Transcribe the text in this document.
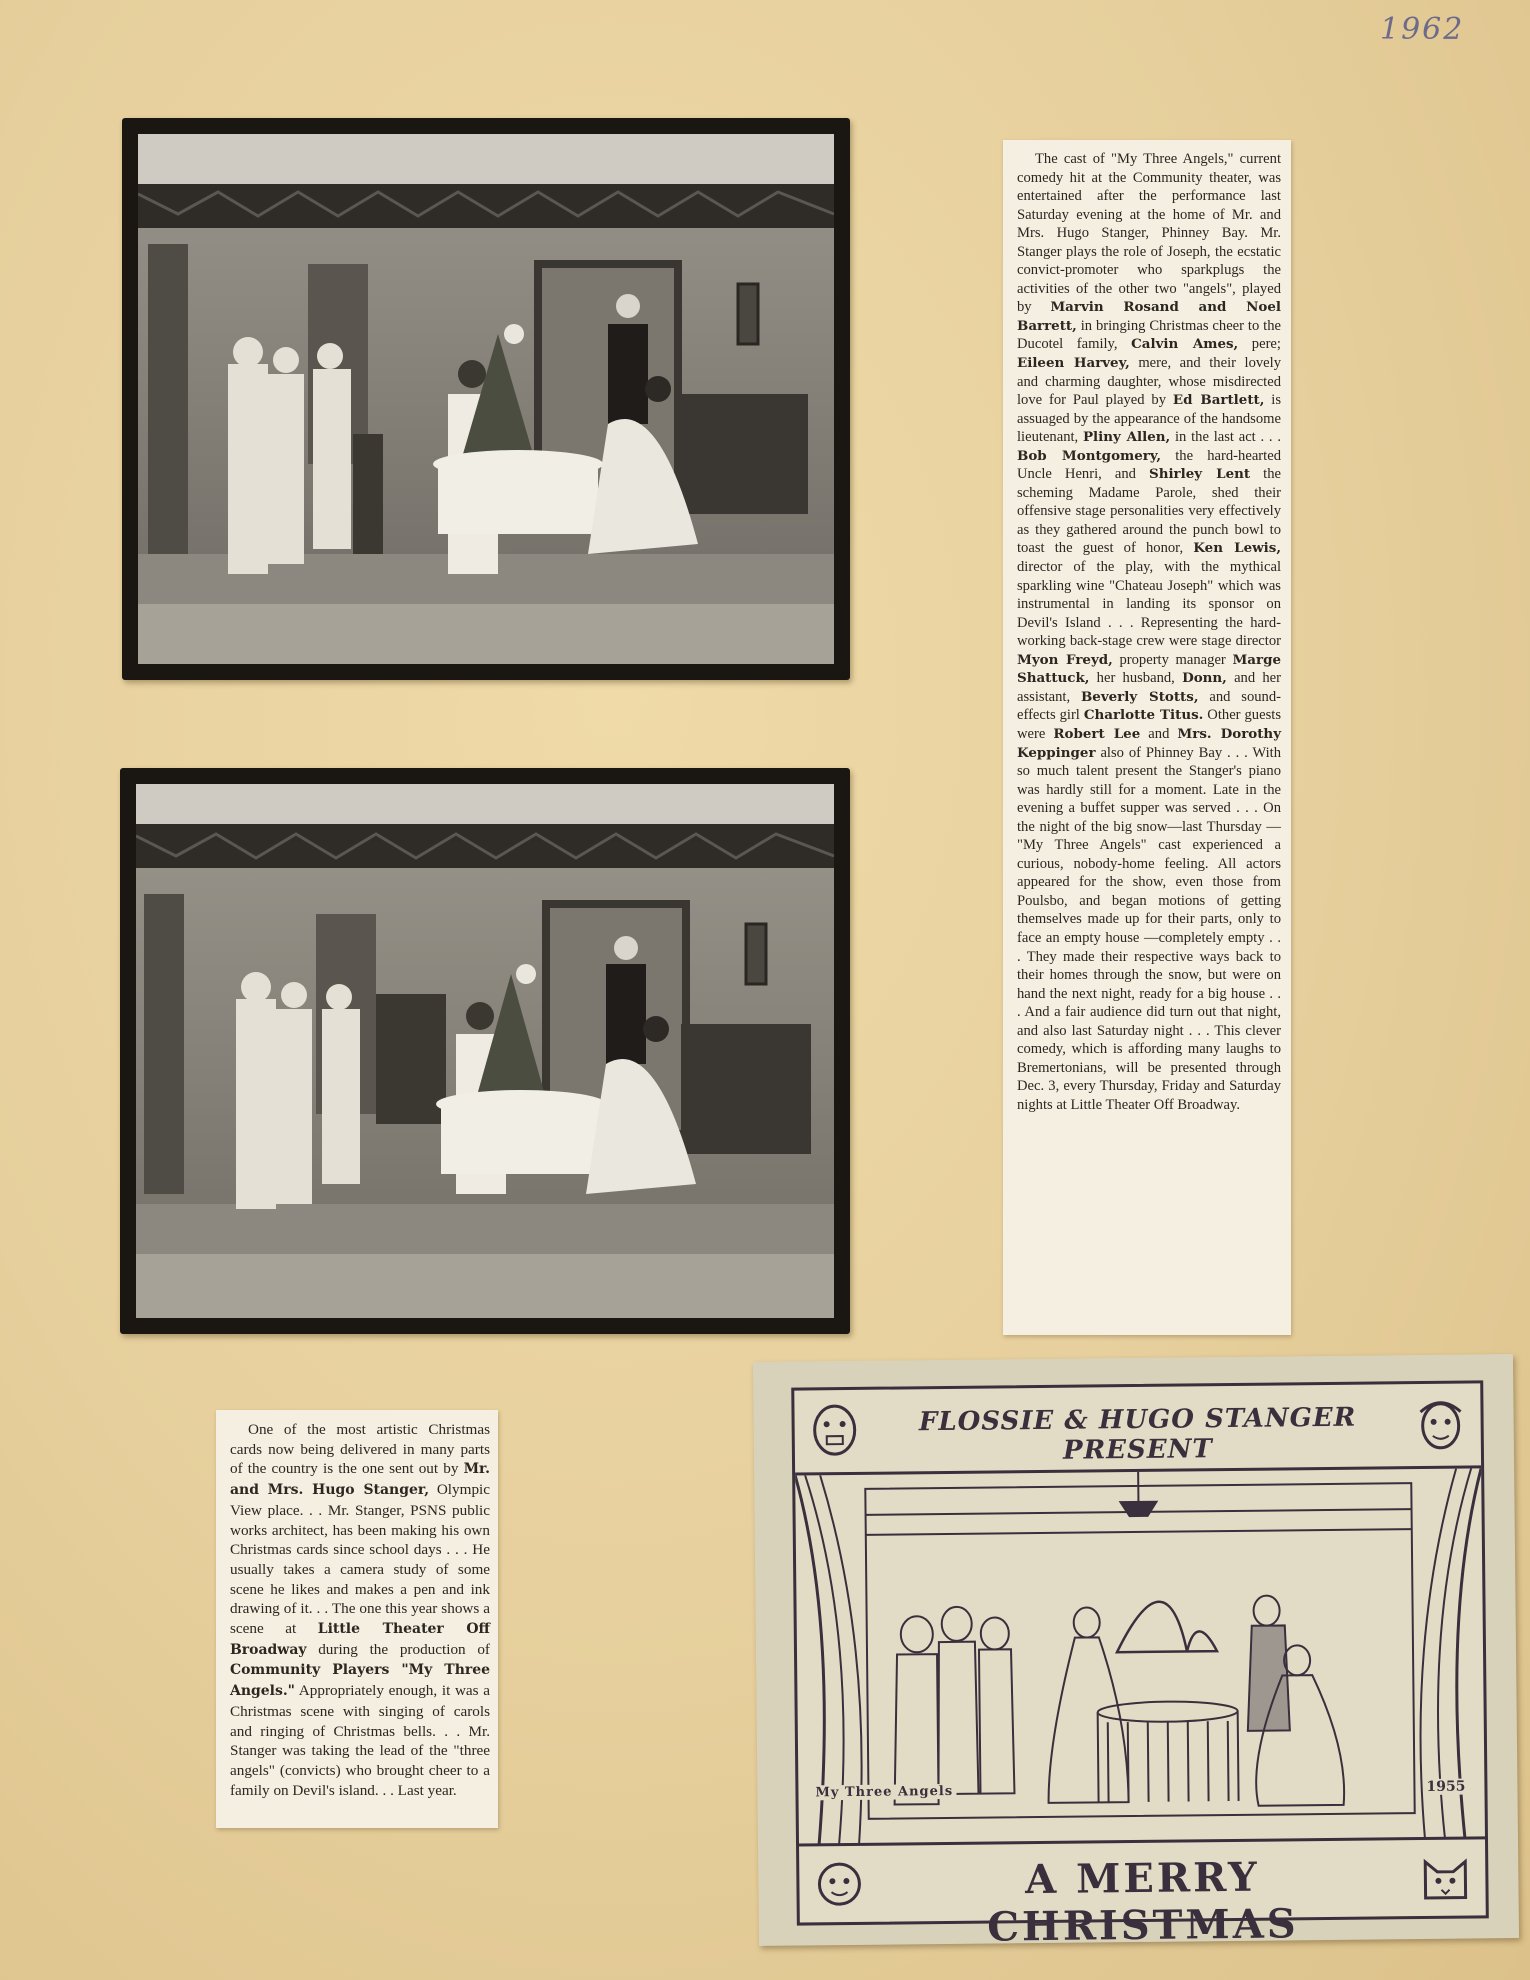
1962

The cast of "My Three Angels," current comedy hit at the Community theater, was entertained after the performance last Saturday evening at the home of Mr. and Mrs. Hugo Stanger, Phinney Bay. Mr. Stanger plays the role of Joseph, the ecstatic convict-promoter who sparkplugs the activities of the other two "angels", played by Marvin Rosand and Noel Barrett, in bringing Christmas cheer to the Ducotel family, Calvin Ames, pere; Eileen Harvey, mere, and their lovely and charming daughter, whose misdirected love for Paul played by Ed Bartlett, is assuaged by the appearance of the handsome lieutenant, Pliny Allen, in the last act . . . Bob Montgomery, the hard-hearted Uncle Henri, and Shirley Lent the scheming Madame Parole, shed their offensive stage personalities very effectively as they gathered around the punch bowl to toast the guest of honor, Ken Lewis, director of the play, with the mythical sparkling wine "Chateau Joseph" which was instrumental in landing its sponsor on Devil's Island . . . Representing the hard-working back-stage crew were stage director Myon Freyd, property manager Marge Shattuck, her husband, Donn, and her assistant, Beverly Stotts, and sound-effects girl Charlotte Titus. Other guests were Robert Lee and Mrs. Dorothy Keppinger also of Phinney Bay . . . With so much talent present the Stanger's piano was hardly still for a moment. Late in the evening a buffet supper was served . . . On the night of the big snow—last Thursday — "My Three Angels" cast experienced a curious, nobody-home feeling. All actors appeared for the show, even those from Poulsbo, and began motions of getting themselves made up for their parts, only to face an empty house —completely empty . . . They made their respective ways back to their homes through the snow, but were on hand the next night, ready for a big house . . . And a fair audience did turn out that night, and also last Saturday night . . . This clever comedy, which is affording many laughs to Bremertonians, will be presented through Dec. 3, every Thursday, Friday and Saturday nights at Little Theater Off Broadway.

One of the most artistic Christmas cards now being delivered in many parts of the country is the one sent out by Mr. and Mrs. Hugo Stanger, Olympic View place. . . Mr. Stanger, PSNS public works architect, has been making his own Christmas cards since school days . . . He usually takes a camera study of some scene he likes and makes a pen and ink drawing of it. . . The one this year shows a scene at Little Theater Off Broadway during the production of Community Players "My Three Angels." Appropriately enough, it was a Christmas scene with singing of carols and ringing of Christmas bells. . . Mr. Stanger was taking the lead of the "three angels" (convicts) who brought cheer to a family on Devil's island. . . Last year.

FLOSSIE & HUGO STANGER PRESENT
My Three Angels	1955
A MERRY CHRISTMAS
